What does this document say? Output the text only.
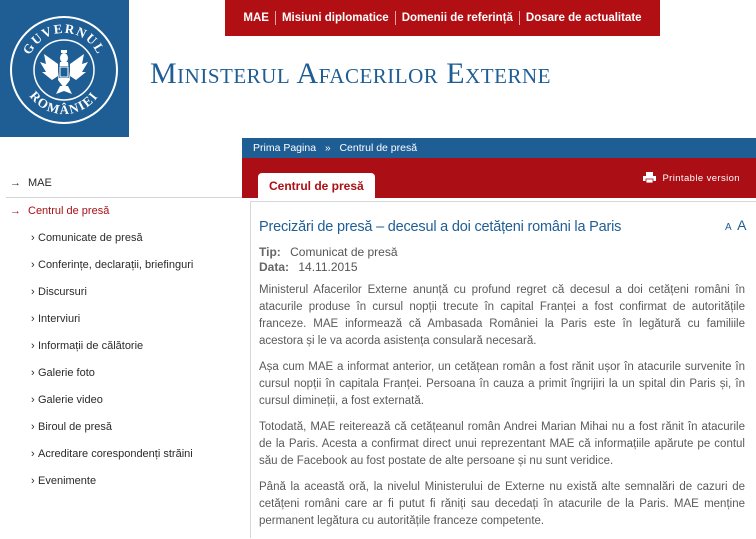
GUVERNUL
ROMÂNIEI
MAE	Misiuni diplomatice	Domenii de referință	Dosare de actualitate
Ministerul Afacerilor Externe
→ MAE
→ Centrul de presă
› Comunicate de presă
› Conferințe, declarații, briefinguri
› Discursuri
› Interviuri
› Informații de călătorie
› Galerie foto
› Galerie video
› Biroul de presă
› Acreditare corespondenți străini
› Evenimente
Prima Pagina » Centrul de presă
Centrul de presă
Printable version
Precizări de presă – decesul a doi cetățeni români la Paris	A A
Tip: Comunicat de presă
Data: 14.11.2015

Ministerul Afacerilor Externe anunță cu profund regret că decesul a doi cetățeni români în atacurile produse în cursul nopții trecute în capital Franței a fost confirmat de autoritățile franceze. MAE informează că Ambasada României la Paris este în legătură cu familiile acestora și le va acorda asistența consulară necesară.

Așa cum MAE a informat anterior, un cetățean român a fost rănit ușor în atacurile survenite în cursul nopții în capitala Franței. Persoana în cauza a primit îngrijiri la un spital din Paris și, în cursul dimineții, a fost externată.

Totodată, MAE reiterează că cetățeanul român Andrei Marian Mihai nu a fost rănit în atacurile de la Paris. Acesta a confirmat direct unui reprezentant MAE că informațiile apărute pe contul său de Facebook au fost postate de alte persoane și nu sunt veridice.

Până la această oră, la nivelul Ministerului de Externe nu există alte semnalări de cazuri de cetățeni români care ar fi putut fi răniți sau decedați în atacurile de la Paris. MAE menține permanent legătura cu autoritățile franceze competente.
